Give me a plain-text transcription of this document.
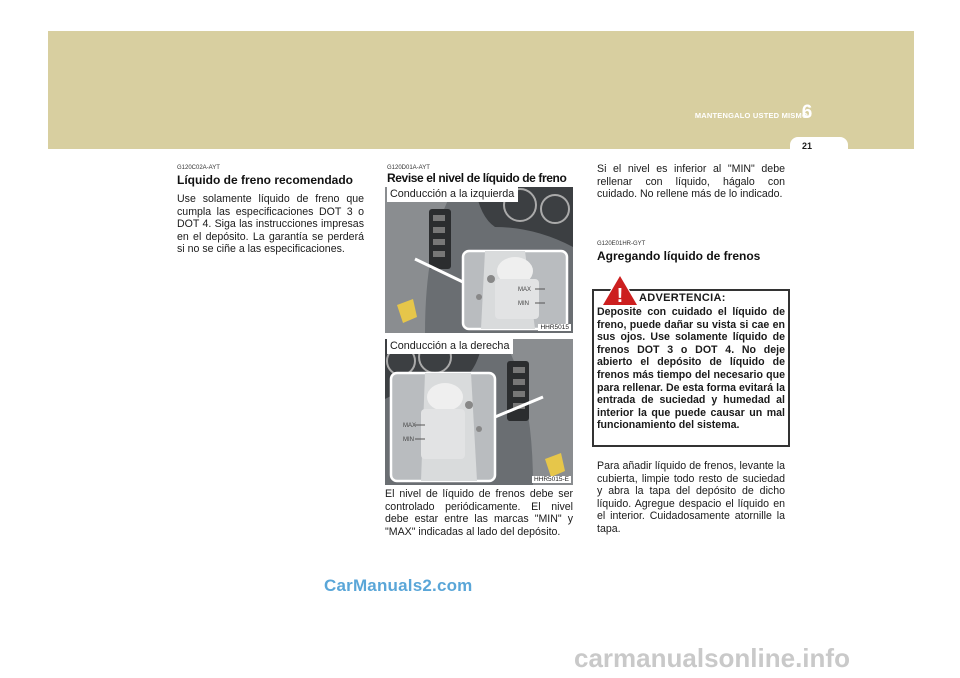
MANTENGALO USTED MISMO
6
21
G120C02A-AYT
Líquido de freno recomendado
Use solamente líquido de freno que cumpla las especificaciones DOT 3 o DOT 4. Siga las instrucciones impresas en el depósito. La garantía se perderá si no se ciñe a las especificaciones.
G120D01A-AYT
Revise el nivel de líquido de freno
MAX
MIN
Conducción a la izquierda
HHR5015
MAX
MIN
Conducción a la derecha
HHR5015-E
El nivel de líquido de frenos debe ser controlado periódicamente. El nivel debe estar entre las marcas "MIN" y "MAX" indicadas al lado del depósito.
Si el nivel es inferior al "MIN" debe rellenar con líquido, hágalo con cuidado. No rellene más de lo indicado.
G120E01HR-GYT
Agregando líquido de frenos
! ADVERTENCIA:
Deposite con cuidado el líquido de freno, puede dañar su vista si cae en sus ojos. Use solamente líquido de frenos DOT 3 o DOT 4. No deje abierto el depósito de líquido de frenos más tiempo del necesario que para rellenar. De esta forma evitará la entrada de suciedad y humedad al interior la que puede causar un mal funcionamiento del sistema.
Para añadir líquido de frenos, levante la cubierta, limpie todo resto de suciedad y abra la tapa del depósito de dicho líquido. Agregue despacio el líquido en el interior. Cuidadosamente atornille la tapa.
CarManuals2.com
carmanualsonline.info
